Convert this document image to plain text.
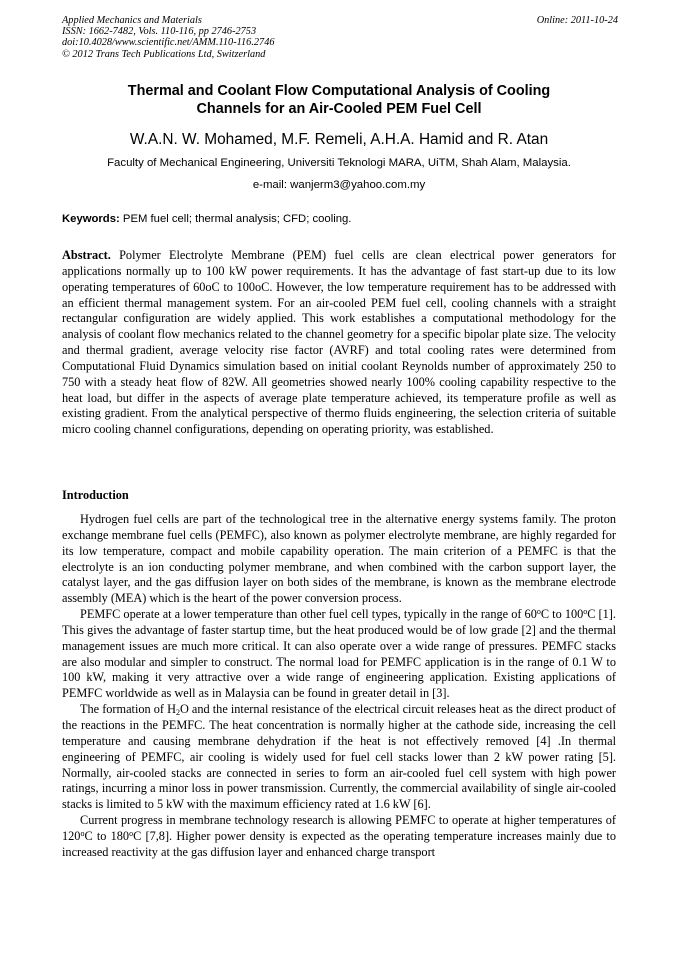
Applied Mechanics and Materials
ISSN: 1662-7482, Vols. 110-116, pp 2746-2753
doi:10.4028/www.scientific.net/AMM.110-116.2746
© 2012 Trans Tech Publications Ltd, Switzerland
Online: 2011-10-24
Thermal and Coolant Flow Computational Analysis of Cooling
Channels for an Air-Cooled PEM Fuel Cell
W.A.N. W. Mohamed, M.F. Remeli, A.H.A. Hamid and R. Atan
Faculty of Mechanical Engineering, Universiti Teknologi MARA, UiTM, Shah Alam, Malaysia.
e-mail: wanjerm3@yahoo.com.my
Keywords: PEM fuel cell; thermal analysis; CFD; cooling.
Abstract. Polymer Electrolyte Membrane (PEM) fuel cells are clean electrical power generators for applications normally up to 100 kW power requirements. It has the advantage of fast start-up due to its low operating temperatures of 60oC to 100oC. However, the low temperature requirement has to be addressed with an efficient thermal management system. For an air-cooled PEM fuel cell, cooling channels with a straight rectangular configuration are widely applied. This work establishes a computational methodology for the analysis of coolant flow mechanics related to the channel geometry for a specific bipolar plate size. The velocity and thermal gradient, average velocity rise factor (AVRF) and total cooling rates were determined from Computational Fluid Dynamics simulation based on initial coolant Reynolds number of approximately 250 to 750 with a steady heat flow of 82W. All geometries showed nearly 100% cooling capability respective to the heat load, but differ in the aspects of average plate temperature achieved, its temperature profile as well as existing gradient. From the analytical perspective of thermo fluids engineering, the selection criteria of suitable micro cooling channel configurations, depending on operating priority, was established.
Introduction

Hydrogen fuel cells are part of the technological tree in the alternative energy systems family. The proton exchange membrane fuel cells (PEMFC), also known as polymer electrolyte membrane, are highly regarded for its low temperature, compact and mobile capability operation. The main criterion of a PEMFC is that the electrolyte is an ion conducting polymer membrane, and when combined with the carbon support layer, the catalyst layer, and the gas diffusion layer on both sides of the membrane, is known as the membrane electrode assembly (MEA) which is the heart of the power conversion process.

PEMFC operate at a lower temperature than other fuel cell types, typically in the range of 60$^o$C to 100$^o$C [1]. This gives the advantage of faster startup time, but the heat produced would be of low grade [2] and the thermal management issues are much more critical. It can also operate over a wide range of pressures. PEMFC stacks are also modular and simpler to construct. The normal load for PEMFC application is in the range of 0.1 W to 100 kW, making it very attractive over a wide range of engineering application. Existing applications of PEMFC worldwide as well as in Malaysia can be found in greater detail in [3].

The formation of $H_2O$ and the internal resistance of the electrical circuit releases heat as the direct product of the reactions in the PEMFC. The heat concentration is normally higher at the cathode side, increasing the cell temperature and causing membrane dehydration if the heat is not effectively removed [4] .In thermal engineering of PEMFC, air cooling is widely used for fuel cell stacks lower than 2 kW power rating [5]. Normally, air-cooled stacks are connected in series to form an air-cooled fuel cell system with high power ratings, incurring a minor loss in power transmission. Currently, the commercial availability of single air-cooled stacks is limited to 5 kW with the maximum efficiency rated at 1.6 kW [6].

Current progress in membrane technology research is allowing PEMFC to operate at higher temperatures of 120$^o$C to 180$^o$C [7,8]. Higher power density is expected as the operating temperature increases mainly due to increased reactivity at the gas diffusion layer and enhanced charge transport
